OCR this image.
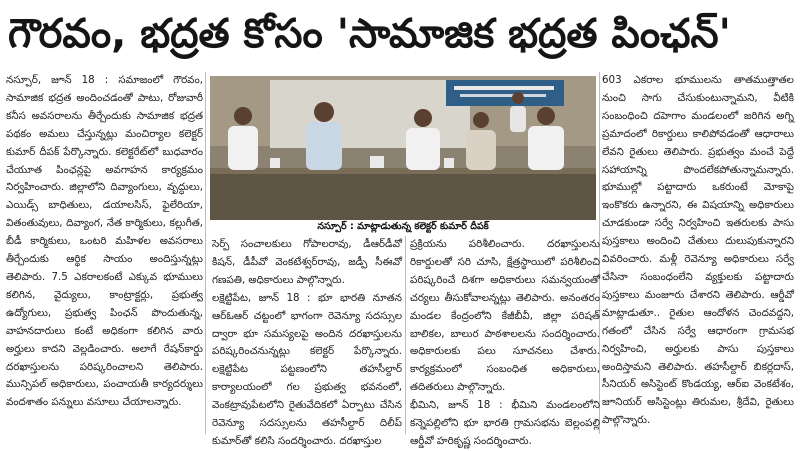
గౌరవం, భద్రత కోసం 'సామాజిక భద్రత పింఛన్'

నస్పూర్, జూన్ 18 : సమాజంలో గౌరవం, సామాజిక భద్రత అందించడంతో పాటు, రోజువారీ కనీస అవసరాలను తీర్చేందుకు సామాజిక భద్రత పథకం అమలు చేస్తున్నట్లు మంచిర్యాల కలెక్టర్ కుమార్ దీపక్ పేర్కొన్నారు. కలెక్టరేట్‌లో బుధవారం చేయూత పింఛన్లపై అవగాహన కార్యక్రమం నిర్వహించారు. జిల్లాలోని దివ్యాంగులు, వృద్ధులు, ఎయిడ్స్ బాధితులు, డయాలసిస్, ఫైలేరియా, వితంతువులు, దివ్యాంగ, నేత కార్మికులు, కల్లుగీత, బీడీ కార్మికులు, ఒంటరి మహిళల అవసరాలు తీర్చేందుకు ఆర్థిక సాయం అందిస్తున్నట్లు తెలిపారు. 7.5 ఎకరాలకంటే ఎక్కువ భూములు కలిగిన, వైద్యులు, కాంట్రాక్టర్లు, ప్రభుత్వ ఉద్యోగులు, ప్రభుత్వ పింఛన్ పొందుతున్న, వాహనదారులు కంటే అధికంగా కలిగిన వారు అర్హులు కాదని వెల్లడించారు. అలాగే రేషన్‌కార్డు దరఖాస్తులను పరిష్కరించాలని తెలిపారు. మున్సిపల్ అధికారులు, పంచాయతీ కార్యదర్శులు వందశాతం పన్నులు వసూలు చేయాలన్నారు.

నస్పూర్ : మాట్లాడుతున్న కలెక్టర్ కుమార్ దీపక్

సెర్ప్ సంచాలకులు గోపాలరావు, డీఆర్‌డీవో కిషన్, డీపీవో వెంకటేశ్వర్‌రావు, జడ్పీ సీఈవో గణపతి, అధికారులు పాల్గొన్నారు.

లక్షెట్టిపేట, జూన్ 18 : భూ భారతి నూతన ఆర్‌ఓఆర్ చట్టంలో భాగంగా రెవెన్యూ సదస్సుల ద్వారా భూ సమస్యలపై అందిన దరఖాస్తులను పరిష్కరించనున్నట్లు కలెక్టర్ పేర్కొన్నారు. లక్షెట్టిపేట పట్టణంలోని తహసీల్దార్ కార్యాలయంలో గల ప్రభుత్వ భవనంలో, వెంకట్రావుపేటలోని రైతువేదికలో ఏర్పాటు చేసిన రెవెన్యూ సదస్సులను తహసీల్దార్ దిలీప్ కుమార్‌తో కలిసి సందర్శించారు. దరఖాస్తుల

ప్రక్రియను పరిశీలించారు. దరఖాస్తులను రికార్డులతో సరి చూసి, క్షేత్రస్థాయిలో పరిశీలించి పరిష్కరించే దిశగా అధికారులు సమన్వయంతో చర్యలు తీసుకోవాలన్నట్లు తెలిపారు. అనంతరం మండల కేంద్రంలోని కేజీబీవీ, జిల్లా పరిషత్ బాలికల, బాలుర పాఠశాలలను సందర్శించారు. అధికారులకు పలు సూచనలు చేశారు. కార్యక్రమంలో సంబంధిత అధికారులు, తదితరులు పాల్గొన్నారు.

భీమిని, జూన్ 18 : భీమిని మండలంలోని కన్నెపల్లిలోని భూ భారతి గ్రామసభను బెల్లంపల్లి ఆర్డీవో హరికృష్ణ సందర్శించారు.

603 ఎకరాల భూములను తాతముత్తాతల నుంచి సాగు చేసుకుంటున్నామని, వీటికి సంబంధించి దహెగాం మండలంలో జరిగిన అగ్ని ప్రమాదంలో రికార్డులు కాలిపోవడంతో ఆధారాలు లేవని రైతులు తెలిపారు. ప్రభుత్వం మంచే పెద్దే సహాయాన్ని పొందలేకపోతున్నామన్నారు. భూముల్లో పట్టాదారు ఒకరుంటే మోకాపై ఇంకొకరు ఉన్నారని, ఈ విషయాన్ని అధికారులు చూడకుండా సర్వే నిర్వహించి ఇతరులకు పాసు పుస్తకాలు అందించి చేతులు దులుపుకున్నారని వివరించారు. మళ్లీ రెవెన్యూ అధికారులు సర్వే చేసినా సంబంధంలేని వ్యక్తులకు పట్టాదారు పుస్తకాలు మంజూరు చేశారని తెలిపారు. ఆర్డీవో మాట్లాడుతూ.. రైతుల ఆందోళన చెందవద్దని, గతంలో చేసిన సర్వే ఆధారంగా గ్రామసభ నిర్వహించి, అర్హులకు పాసు పుస్తకాలు అందిస్తామని తెలిపారు. తహసీల్దార్ బికర్లదాస్, సీనియర్ అసిస్టెంట్ కొండయ్య, ఆర్‌ఐ వెంకటేశం, జూనియర్ అసిస్టెంట్లు తిరుమల, శ్రీదేవి, రైతులు పాల్గొన్నారు.
